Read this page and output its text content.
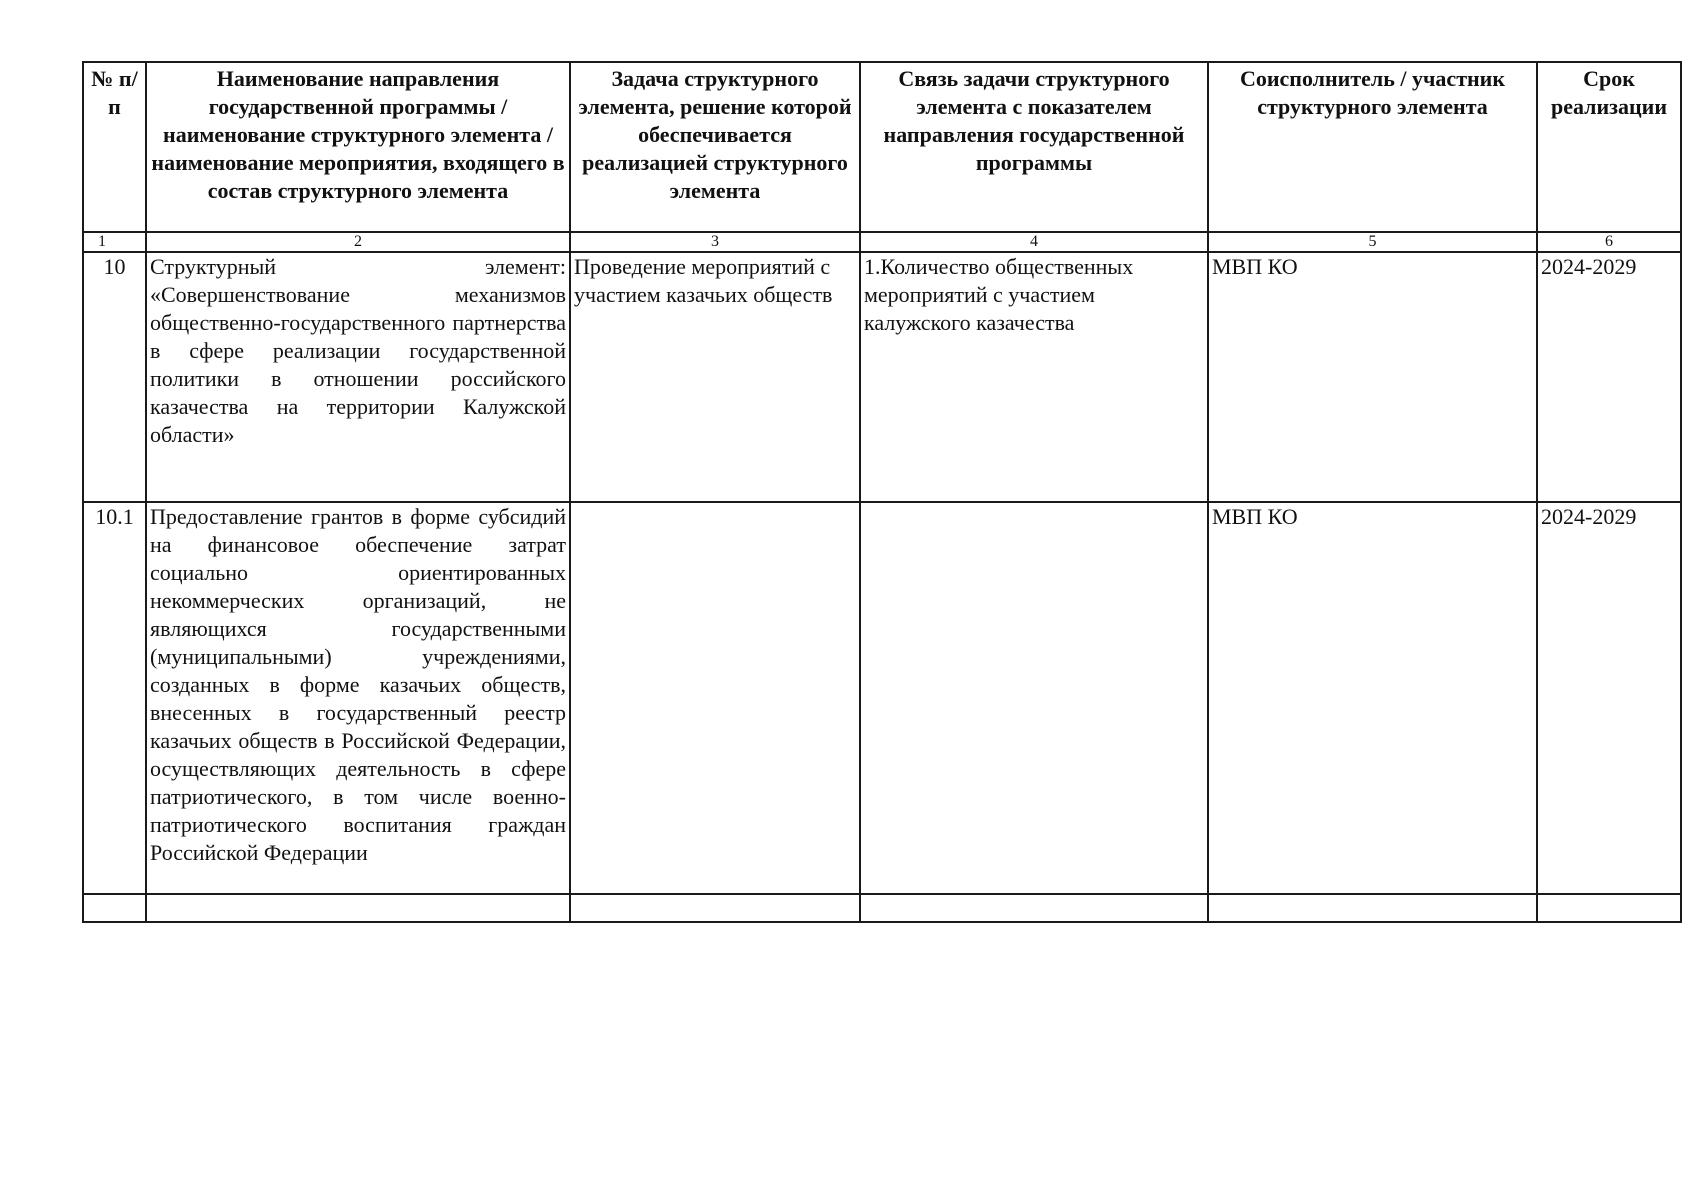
№ п/п	Наименование направления государственной программы / наименование структурного элемента / наименование мероприятия, входящего в состав структурного элемента	Задача структурного элемента, решение которой обеспечивается реализацией структурного элемента	Связь задачи структурного элемента с показателем направления государственной программы	Соисполнитель / участник структурного элемента	Срок реализации
1	2	3	4	5	6
10	Структурный элемент: «Совершенствование механизмов общественно-государственного партнерства в сфере реализации государственной политики в отношении российского казачества на территории Калужской области»	Проведение мероприятий с участием казачьих обществ	1.Количество общественных мероприятий с участием калужского казачества	МВП КО	2024-2029
10.1	Предоставление грантов в форме субсидий на финансовое обеспечение затрат социально ориентированных некоммерческих организаций, не являющихся государственными (муниципальными) учреждениями, созданных в форме казачьих обществ, внесенных в государственный реестр казачьих обществ в Российской Федерации, осуществляющих деятельность в сфере патриотического, в том числе военно-патриотического воспитания граждан Российской Федерации			МВП КО	2024-2029
